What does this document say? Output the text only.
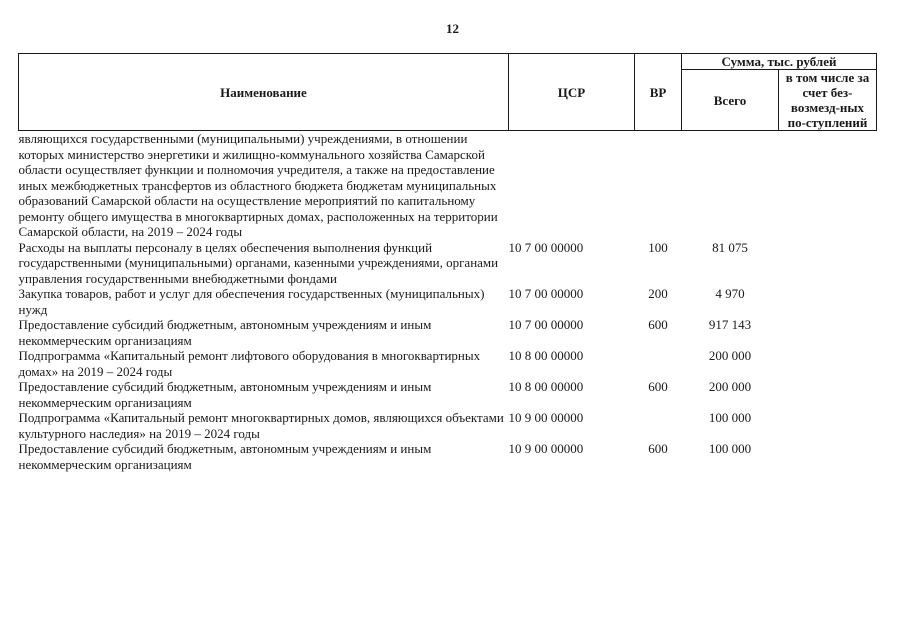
12
Наименование	ЦСР	ВР	Сумма, тыс. рублей	
			Всего	в том числе за счет без-возмезд-ных по-ступлений
являющихся государственными (муниципальными) учреждениями, в отношении которых министерство энергетики и жилищно-коммунального хозяйства Самарской области осуществляет функции и полномочия учредителя, а также на предоставление иных межбюджетных трансфертов из областного бюджета бюджетам муниципальных образований Самарской области на осуществление мероприятий по капитальному ремонту общего имущества в многоквартирных домах, расположенных на территории Самарской области, на 2019 – 2024 годы				
Расходы на выплаты персоналу в целях обеспечения выполнения функций государственными (муниципальными) органами, казенными учреждениями, органами управления государственными внебюджетными фондами	10 7 00 00000	100	81 075	
Закупка товаров, работ и услуг для обеспечения государственных (муниципальных) нужд	10 7 00 00000	200	4 970	
Предоставление субсидий бюджетным, автономным учреждениям и иным некоммерческим организациям	10 7 00 00000	600	917 143	
Подпрограмма «Капитальный ремонт лифтового оборудования в многоквартирных домах» на 2019 – 2024 годы	10 8 00 00000		200 000	
Предоставление субсидий бюджетным, автономным учреждениям и иным некоммерческим организациям	10 8 00 00000	600	200 000	
Подпрограмма «Капитальный ремонт многоквартирных домов, являющихся объектами культурного наследия» на 2019 – 2024 годы	10 9 00 00000		100 000	
Предоставление субсидий бюджетным, автономным учреждениям и иным некоммерческим организациям	10 9 00 00000	600	100 000	
